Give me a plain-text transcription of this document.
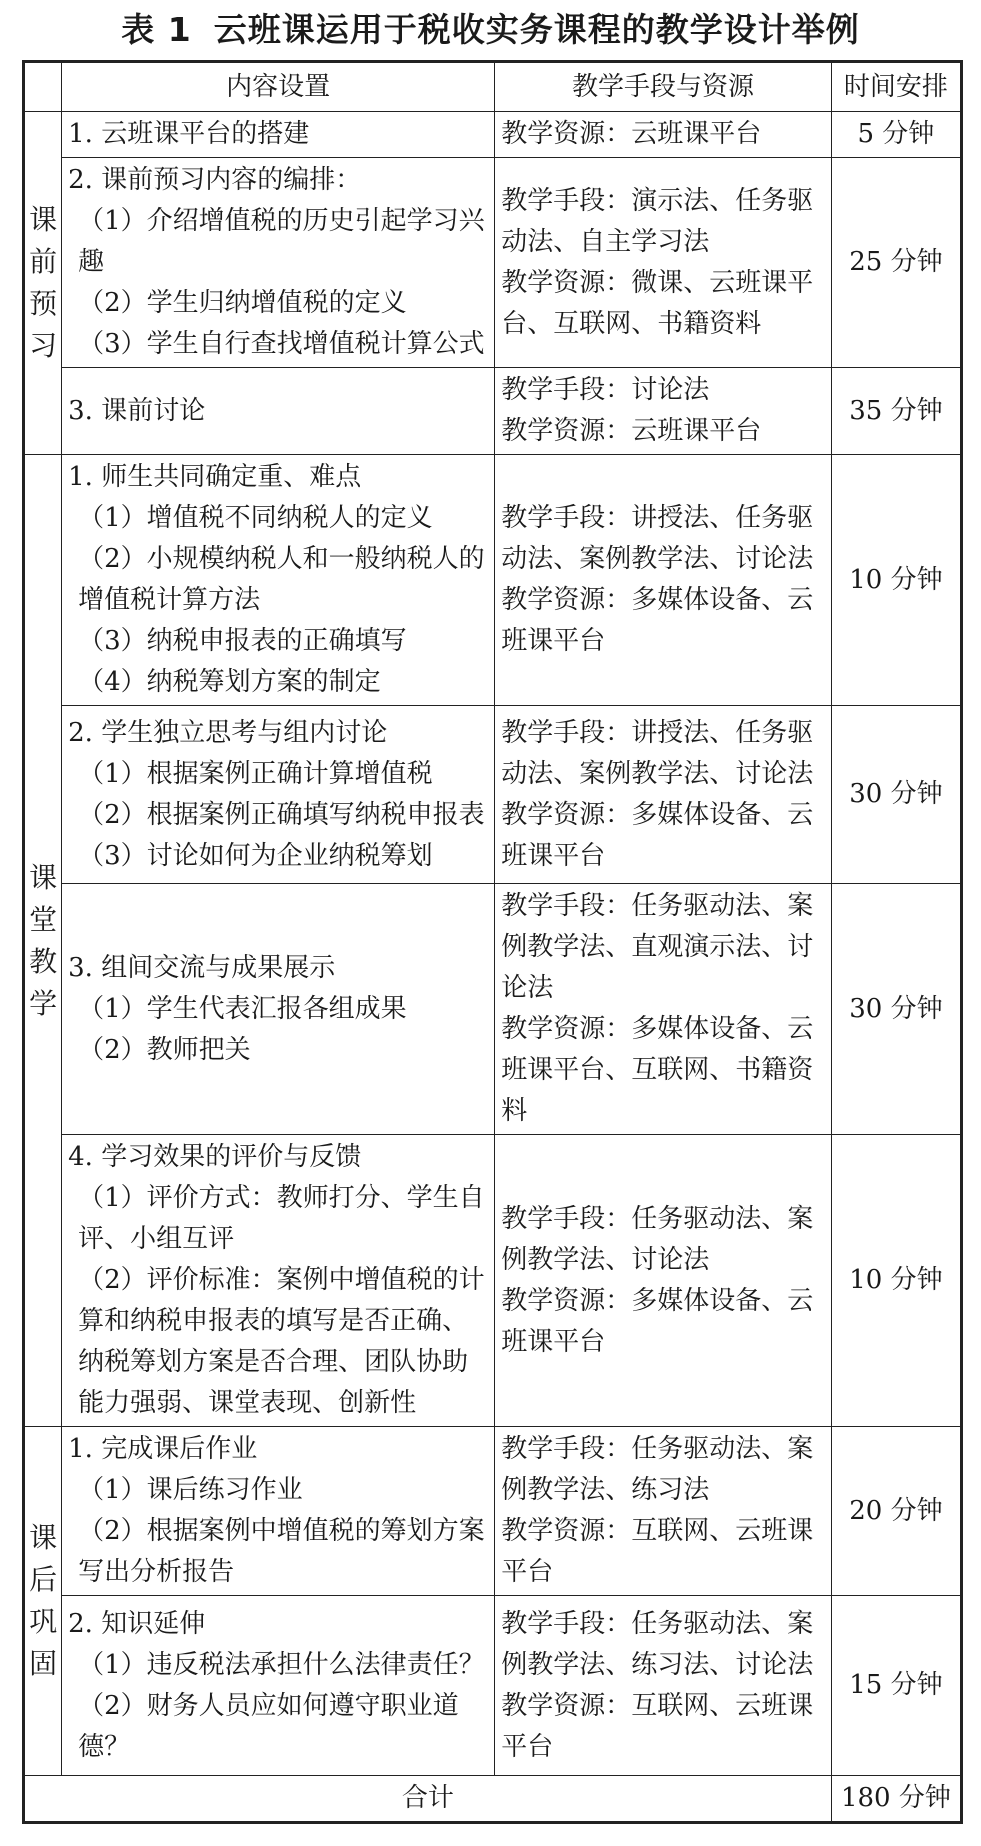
表 1 云班课运用于税收实务课程的教学设计举例
	内容设置	教学手段与资源	时间安排

课
前
预
习	1. 云班课平台的搭建	教学资源：云班课平台	5 分钟

	2. 课前预习内容的编排：
（1）介绍增值税的历史引起学习兴趣
（2）学生归纳增值税的定义
（3）学生自行查找增值税计算公式	教学手段：演示法、任务驱动法、自主学习法
教学资源：微课、云班课平台、互联网、书籍资料	25 分钟

	3. 课前讨论	教学手段：讨论法
教学资源：云班课平台	35 分钟

课
堂
教
学	1. 师生共同确定重、难点
（1）增值税不同纳税人的定义
（2）小规模纳税人和一般纳税人的增值税计算方法
（3）纳税申报表的正确填写
（4）纳税筹划方案的制定	教学手段：讲授法、任务驱动法、案例教学法、讨论法
教学资源：多媒体设备、云班课平台	10 分钟

	2. 学生独立思考与组内讨论
（1）根据案例正确计算增值税
（2）根据案例正确填写纳税申报表
（3）讨论如何为企业纳税筹划	教学手段：讲授法、任务驱动法、案例教学法、讨论法
教学资源：多媒体设备、云班课平台	30 分钟

	3. 组间交流与成果展示
（1）学生代表汇报各组成果
（2）教师把关	教学手段：任务驱动法、案例教学法、直观演示法、讨论法
教学资源：多媒体设备、云班课平台、互联网、书籍资料	30 分钟

	4. 学习效果的评价与反馈
（1）评价方式：教师打分、学生自评、小组互评
（2）评价标准：案例中增值税的计算和纳税申报表的填写是否正确、纳税筹划方案是否合理、团队协助能力强弱、课堂表现、创新性	教学手段：任务驱动法、案例教学法、讨论法
教学资源：多媒体设备、云班课平台	10 分钟

课
后
巩
固	1. 完成课后作业
（1）课后练习作业
（2）根据案例中增值税的筹划方案写出分析报告	教学手段：任务驱动法、案例教学法、练习法
教学资源：互联网、云班课平台	20 分钟

	2. 知识延伸
（1）违反税法承担什么法律责任？
（2）财务人员应如何遵守职业道德？	教学手段：任务驱动法、案例教学法、练习法、讨论法
教学资源：互联网、云班课平台	15 分钟
合计			180 分钟
